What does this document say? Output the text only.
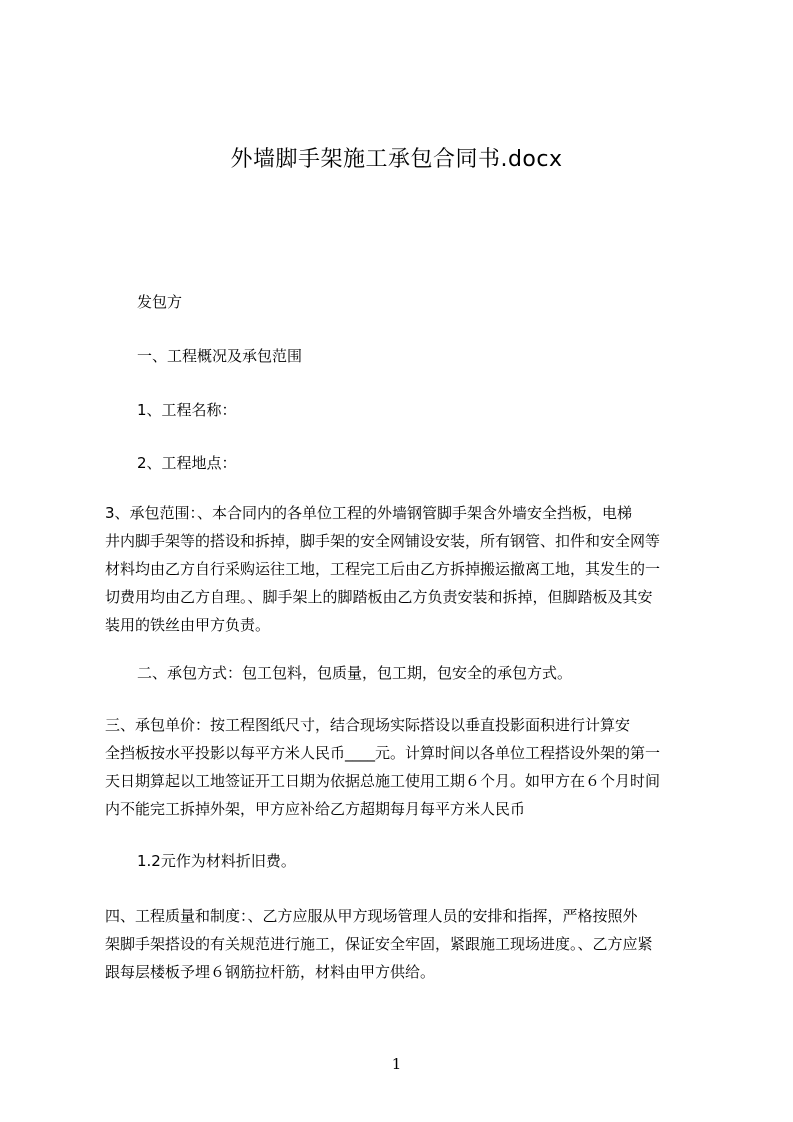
外墙脚手架施工承包合同书.docx
发包方
一、工程概况及承包范围
1、工程名称：
2、工程地点：

3、承包范围：、本合同内的各单位工程的外墙钢管脚手架含外墙安全挡板，电梯

井内脚手架等的搭设和拆掉，脚手架的安全网铺设安装，所有钢管、扣件和安全网等

材料均由乙方自行采购运往工地，工程完工后由乙方拆掉搬运撤离工地，其发生的一

切费用均由乙方自理。、脚手架上的脚踏板由乙方负责安装和拆掉，但脚踏板及其安

装用的铁丝由甲方负责。

二、承包方式：包工包料，包质量，包工期，包安全的承包方式。

三、承包单价：按工程图纸尺寸，结合现场实际搭设以垂直投影面积进行计算安

全挡板按水平投影以每平方米人民币____元。计算时间以各单位工程搭设外架的第一

天日期算起以工地签证开工日期为依据总施工使用工期６个月。如甲方在６个月时间

内不能完工拆掉外架，甲方应补给乙方超期每月每平方米人民币

1.2元作为材料折旧费。

四、工程质量和制度：、乙方应服从甲方现场管理人员的安排和指挥，严格按照外

架脚手架搭设的有关规范进行施工，保证安全牢固，紧跟施工现场进度。、乙方应紧

跟每层楼板予埋６钢筋拉杆筋，材料由甲方供给。

1
